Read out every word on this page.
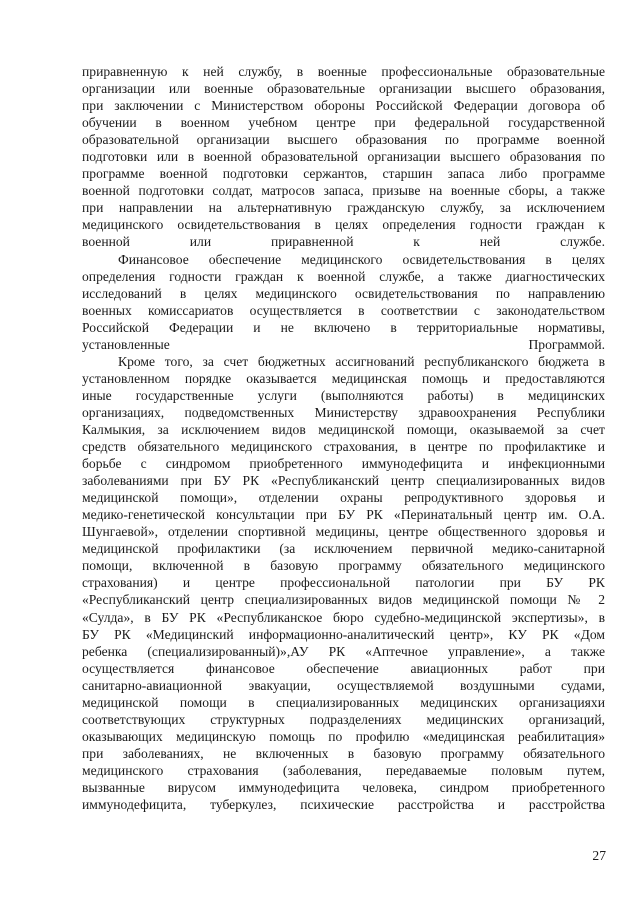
приравненную к ней службу, в военные профессиональные образовательные
организации или военные образовательные организации высшего образования,
при заключении с Министерством обороны Российской Федерации договора об
обучении в военном учебном центре при федеральной государственной
образовательной организации высшего образования по программе военной
подготовки или в военной образовательной организации высшего образования по
программе военной подготовки сержантов, старшин запаса либо программе
военной подготовки солдат, матросов запаса, призыве на военные сборы, а также
при направлении на альтернативную гражданскую службу, за исключением
медицинского освидетельствования в целях определения годности граждан к
военной или приравненной к ней службе.

Финансовое обеспечение медицинского освидетельствования в целях
определения годности граждан к военной службе, а также диагностических
исследований в целях медицинского освидетельствования по направлению
военных комиссариатов осуществляется в соответствии с законодательством
Российской Федерации и не включено в территориальные нормативы,
установленные Программой.

Кроме того, за счет бюджетных ассигнований республиканского бюджета в
установленном порядке оказывается медицинская помощь и предоставляются
иные государственные услуги (выполняются работы) в медицинских
организациях, подведомственных Министерству здравоохранения Республики
Калмыкия, за исключением видов медицинской помощи, оказываемой за счет
средств обязательного медицинского страхования, в центре по профилактике и
борьбе с синдромом приобретенного иммунодефицита и инфекционными
заболеваниями при БУ РК «Республиканский центр специализированных видов
медицинской помощи», отделении охраны репродуктивного здоровья и
медико-генетической консультации при БУ РК «Перинатальный центр им. О.А.
Шунгаевой», отделении спортивной медицины, центре общественного здоровья и
медицинской профилактики (за исключением первичной медико-санитарной
помощи, включенной в базовую программу обязательного медицинского
страхования) и центре профессиональной патологии при БУ РК
«Республиканский центр специализированных видов медицинской помощи № 2
«Сулда», в БУ РК «Республиканское бюро судебно-медицинской экспертизы», в
БУ РК «Медицинский информационно-аналитический центр», КУ РК «Дом
ребенка (специализированный)»,АУ РК «Аптечное управление», а также
осуществляется финансовое обеспечение авиационных работ при
санитарно-авиационной эвакуации, осуществляемой воздушными судами,
медицинской помощи в специализированных медицинских организацияхи
соответствующих структурных подразделениях медицинских организаций,
оказывающих медицинскую помощь по профилю «медицинская реабилитация»
при заболеваниях, не включенных в базовую программу обязательного
медицинского страхования (заболевания, передаваемые половым путем,
вызванные вирусом иммунодефицита человека, синдром приобретенного
иммунодефицита, туберкулез, психические расстройства и расстройства

27
